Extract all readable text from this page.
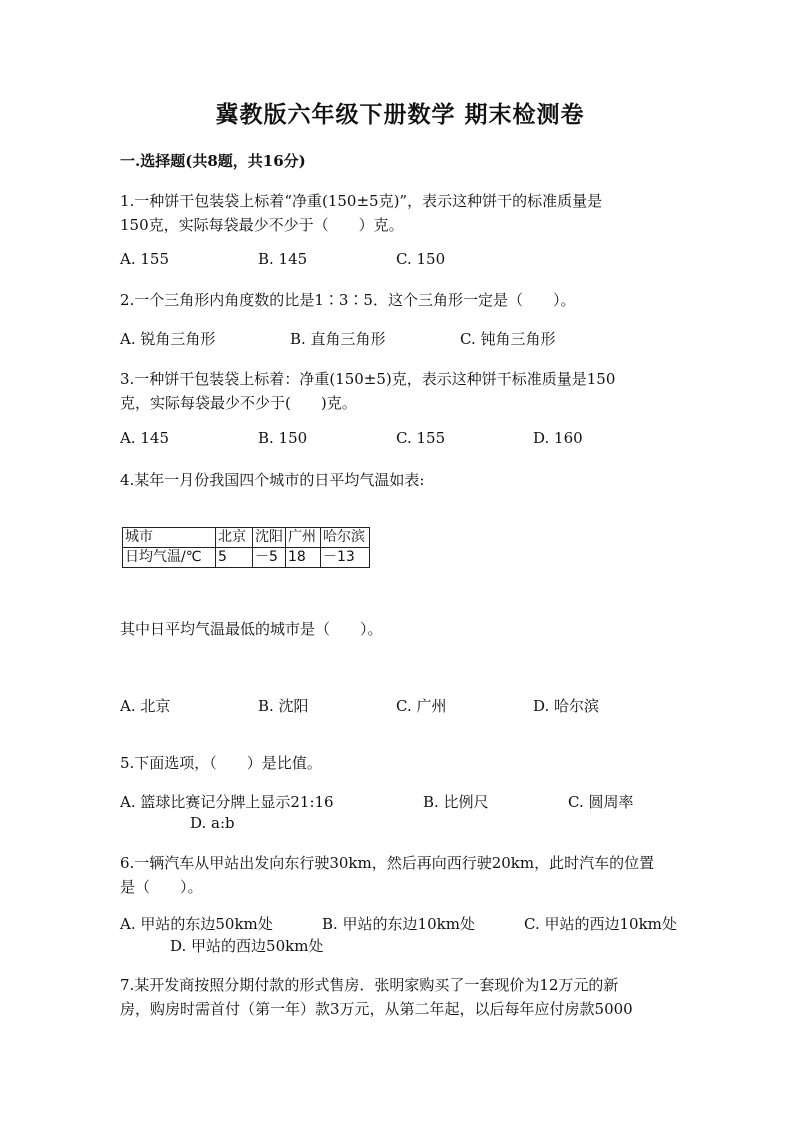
冀教版六年级下册数学 期末检测卷
一.选择题(共8题，共16分)
1.一种饼干包装袋上标着“净重(150±5克)”，表示这种饼干的标准质量是
150克，实际每袋最少不少于（　　）克。
A. 155	B. 145	C. 150
2.一个三角形内角度数的比是1∶3∶5．这个三角形一定是（　　）。
A. 锐角三角形	B. 直角三角形	C. 钝角三角形
3.一种饼干包装袋上标着：净重(150±5)克，表示这种饼干标准质量是150
克，实际每袋最少不少于(　　)克。
A. 145	B. 150	C. 155	D. 160
4.某年一月份我国四个城市的日平均气温如表:
城市	北京	沈阳	广州	哈尔滨
日均气温/℃	5	－5	18	－13
其中日平均气温最低的城市是（　　）。
A. 北京	B. 沈阳	C. 广州	D. 哈尔滨
5.下面选项，（　　）是比值。
A. 篮球比赛记分牌上显示21:16	B. 比例尺	C. 圆周率
D. a:b
6.一辆汽车从甲站出发向东行驶30km，然后再向西行驶20km，此时汽车的位置
是（　　）。
A. 甲站的东边50km处	B. 甲站的东边10km处	C. 甲站的西边10km处
D. 甲站的西边50km处
7.某开发商按照分期付款的形式售房．张明家购买了一套现价为12万元的新
房，购房时需首付（第一年）款3万元，从第二年起，以后每年应付房款5000
